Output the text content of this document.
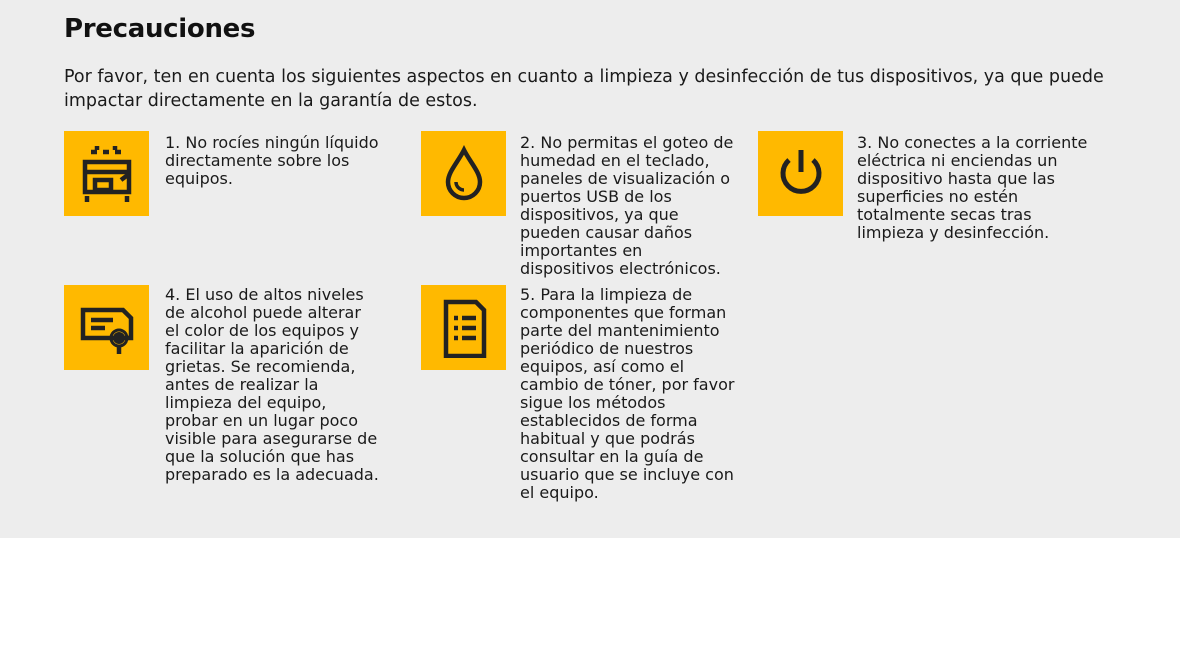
Precauciones

Por favor, ten en cuenta los siguientes aspectos en cuanto a limpieza y desinfección de tus dispositivos, ya que puede impactar directamente en la garantía de estos.

1. No rocíes ningún líquido directamente sobre los equipos.

2. No permitas el goteo de humedad en el teclado, paneles de visualización o puertos USB de los dispositivos, ya que pueden causar daños importantes en dispositivos electrónicos.

3. No conectes a la corriente eléctrica ni enciendas un dispositivo hasta que las superficies no estén totalmente secas tras limpieza y desinfección.

4. El uso de altos niveles de alcohol puede alterar el color de los equipos y facilitar la aparición de grietas. Se recomienda, antes de realizar la limpieza del equipo, probar en un lugar poco visible para asegurarse de que la solución que has preparado es la adecuada.

5. Para la limpieza de componentes que forman parte del mantenimiento periódico de nuestros equipos, así como el cambio de tóner, por favor sigue los métodos establecidos de forma habitual y que podrás consultar en la guía de usuario que se incluye con el equipo.
